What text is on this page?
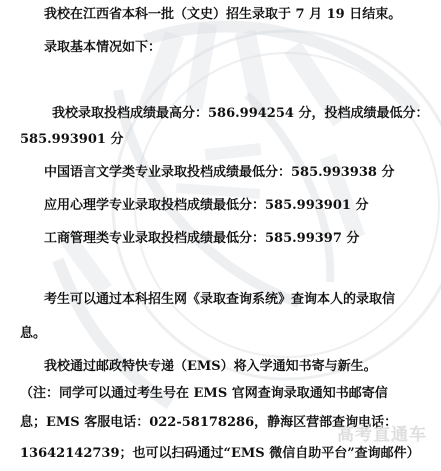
我校在江西省本科一批（文史）招生录取于 7 月 19 日结束。
录取基本情况如下：
我校录取投档成绩最高分：586.994254 分，投档成绩最低分：
585.993901 分
中国语言文学类专业录取投档成绩最低分：585.993938 分
应用心理学专业录取投档成绩最低分：585.993901 分
工商管理类专业录取投档成绩最低分：585.99397 分
考生可以通过本科招生网《录取查询系统》查询本人的录取信
息。
我校通过邮政特快专递（EMS）将入学通知书寄与新生。
（注：同学可以通过考生号在 EMS 官网查询录取通知书邮寄信
息；EMS 客服电话：022-58178286，静海区营部查询电话：
13642142739；也可以扫码通过“EMS 微信自助平台”查询邮件）
高考直通车
